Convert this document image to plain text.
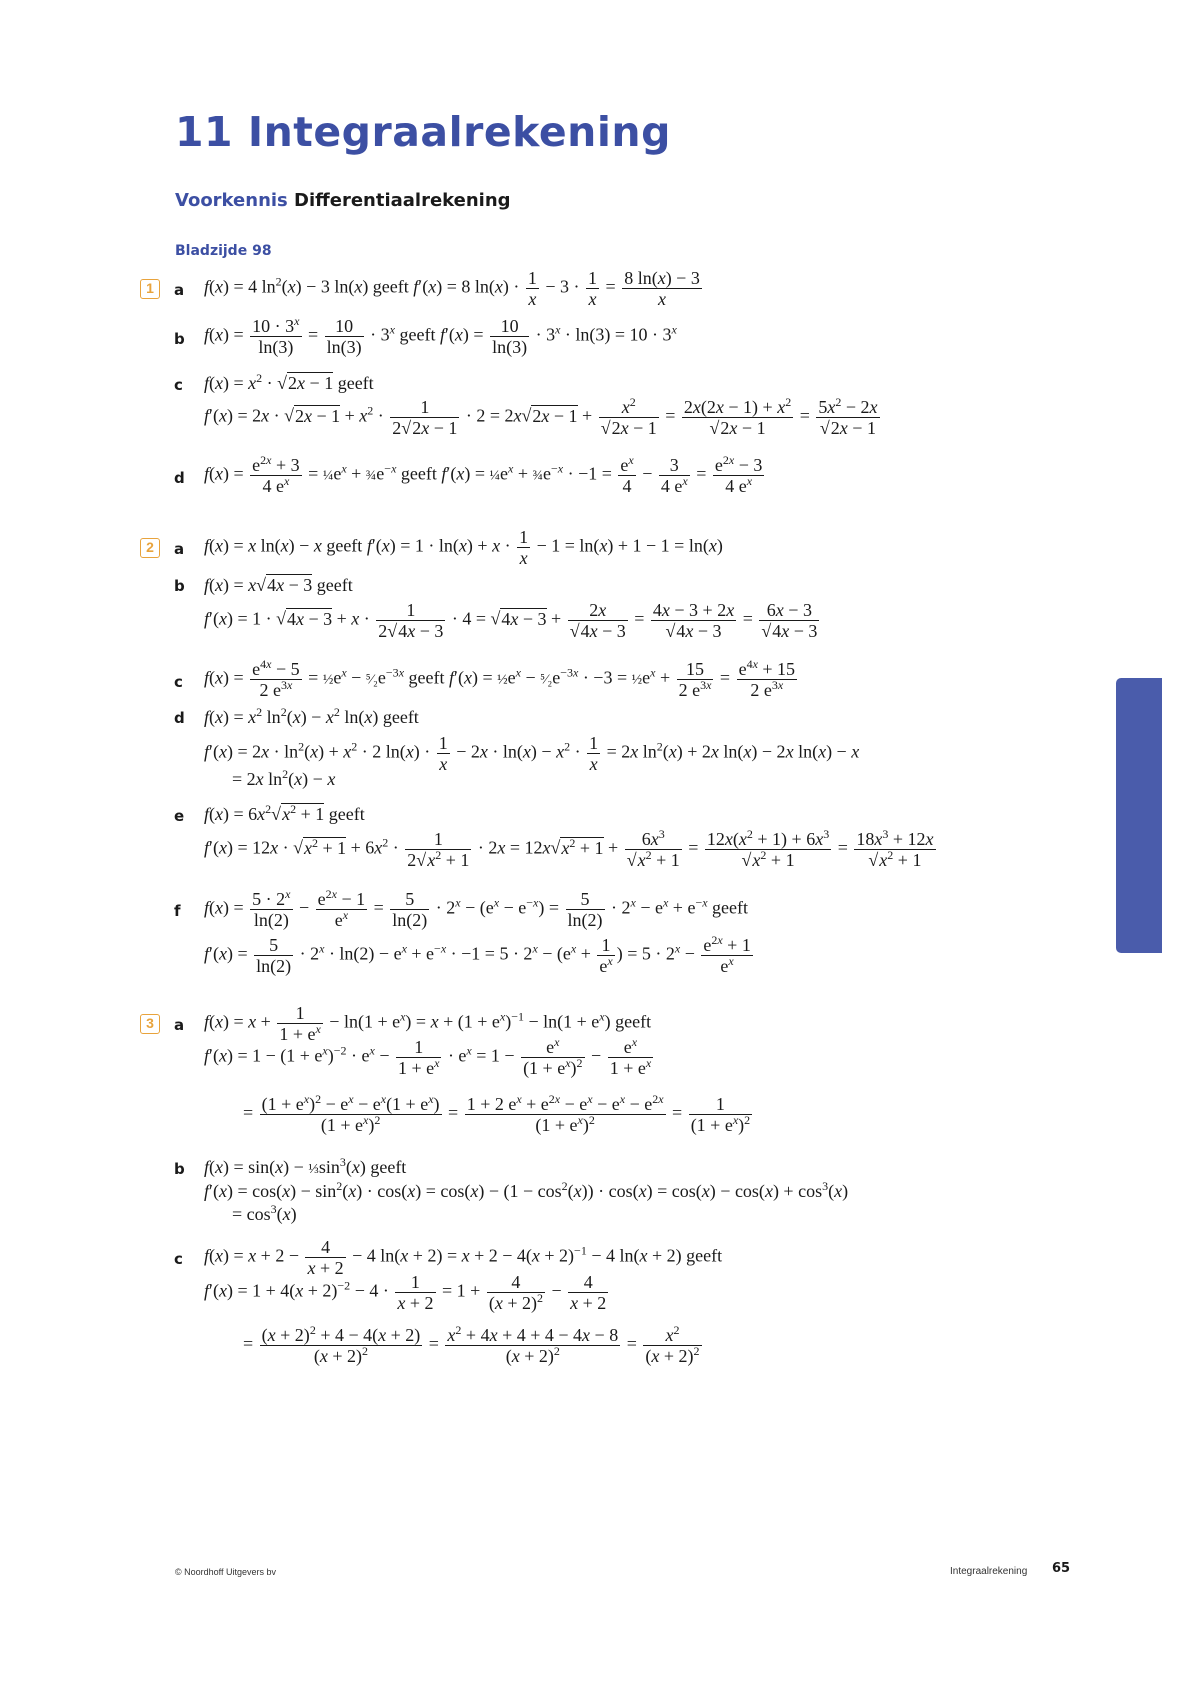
11 Integraalrekening
Voorkennis Differentiaalrekening
Bladzijde 98
1	a f(x) = 4 $\ln^2(x) - 3$ ln(x) geeft f′(x) = 8 $\ln(x) \cdot \frac{1}{x} - 3 \cdot \frac{1}{x} = \frac{8 \ln(x) - 3}{x}$
b $f(x) = \frac{10 \cdot 3^x}{\ln(3)} = \frac{10}{\ln(3)} \cdot 3^x$ geeft $f'(x) = \frac{10}{\ln(3)} \cdot 3^x \cdot \ln(3) = 10 \cdot 3^x$
c $f(x) = x^2 \cdot √2x - 1$ geeft
$f'(x) = 2x \cdot √2x - 1 + x^2 \cdot \frac{1}{2√2x - 1} \cdot 2 = 2x√2x - 1 + \frac{x^2}{√2x - 1} = \frac{2x(2x - 1) + x^2}{√2x - 1} = \frac{5x^2 - 2x}{√2x - 1}$
d $f(x) = \frac{e^{2x} + 3}{4 e^x}$ = $\frac{1}{4}e^x$ + $\frac{3}{4}e^{-x}$ geeft $f'(x) = \frac{1}{4}e^x$ + $\frac{3}{4}e^{-x} \cdot -1 = \frac{e^x}{4} - \frac{3}{4 e^x} = \frac{e^{2x} - 3}{4 e^x}$
2	a f(x) = x ln(x) − x geeft $f'(x) = 1 \cdot \ln(x) + x \cdot \frac{1}{x} - 1 = \ln(x) + 1 - 1 = \ln(x)$
b f(x) = x√4x − 3 geeft
$f'(x) = 1 \cdot √4x - 3 + x \cdot \frac{1}{2√4x - 3} \cdot 4 = √4x - 3 + \frac{2x}{√4x - 3} = \frac{4x - 3 + 2x}{√4x - 3} = \frac{6x - 3}{√4x - 3}$
c $f(x) = \frac{e^{4x} - 5}{2 e^{3x}}$ = $\frac{1}{2}e^x$ − $^5⁄_2e^{-3x}$ geeft $f'(x) = \frac{1}{2}e^x$ − $^5⁄_2e^{-3x} \cdot -3$ = $\frac{1}{2}e^x + \frac{15}{2 e^{3x}} = \frac{e^{4x} + 15}{2 e^{3x}}$
d $f(x) = x^2$ $\ln^2(x) - x^2$ ln(x) geeft
$f'(x) = 2x \cdot \ln^2(x) + x^2 \cdot 2$ $\ln(x) \cdot \frac{1}{x} - 2x \cdot \ln(x) - x^2 \cdot \frac{1}{x} = 2x$ $\ln^2(x) + 2x$ ln(x) − 2x ln(x) − x
= 2x $\ln^2(x) - x$
e $f(x) = 6x^2√x^2 + 1$ geeft
$f'(x) = 12x \cdot √x^2 + 1 + 6x^2 \cdot \frac{1}{2√x^2 + 1} \cdot 2x = 12x√x^2 + 1 + \frac{6x^3}{√x^2 + 1} = \frac{12x(x^2 + 1) + 6x^3}{√x^2 + 1} = \frac{18x^3 + 12x}{√x^2 + 1}$
f $f(x) = \frac{5 \cdot 2^x}{\ln(2)} - \frac{e^{2x} - 1}{e^x} = \frac{5}{\ln(2)} \cdot 2^x - (e^x - e^{-x}) = \frac{5}{\ln(2)} \cdot 2^x - e^x + e^{-x}$ geeft
$f'(x) = \frac{5}{\ln(2)} \cdot 2^x \cdot \ln(2) - e^x + e^{-x} \cdot -1 = 5 \cdot 2^x - (e^x + \frac{1}{e^x}$ ) = $5 \cdot 2^x - \frac{e^{2x} + 1}{e^x}$
3	a $f(x) = x + \frac{1}{1 + e^x} - \ln(1 + e^x) = x + (1 + e^x)^{-1} - \ln(1 + e^x)$ geeft
$f'(x) = 1 - (1 + e^x)^{-2} \cdot e^x - \frac{1}{1 + e^x} \cdot e^x = 1 - \frac{e^x}{(1 + e^x)^2} - \frac{e^x}{1 + e^x}$
= $\frac{(1 + e^x)^2 - e^x - e^x(1 + e^x)}{(1 + e^x)^2} = \frac{1 + 2 e^x + e^{2x} - e^x - e^x - e^{2x}}{(1 + e^x)^2} = \frac{1}{(1 + e^x)^2}$
b $f(x) = \sin(x) - \frac{1}{3}\sin^3(x)$ geeft
$f'(x) = \cos(x) - \sin^2(x) \cdot \cos(x) = \cos(x) - (1 - \cos^2(x)) \cdot \cos(x) = \cos(x) - \cos(x) + \cos^3(x)$
= $\cos^3(x)$
c $f(x) = x + 2 - \frac{4}{x + 2} - 4$ $\ln(x + 2) = x + 2 - 4(x + 2)^{-1} - 4$ ln(x + 2) geeft
$f'(x) = 1 + 4(x + 2)^{-2} - 4 \cdot \frac{1}{x + 2} = 1 + \frac{4}{(x + 2)^2} - \frac{4}{x + 2}$
= $\frac{(x + 2)^2 + 4 - 4(x + 2)}{(x + 2)^2} = \frac{x^2 + 4x + 4 + 4 - 4x - 8}{(x + 2)^2} = \frac{x^2}{(x + 2)^2}$
© Noordhoff Uitgevers bv	Integraalrekening 65
